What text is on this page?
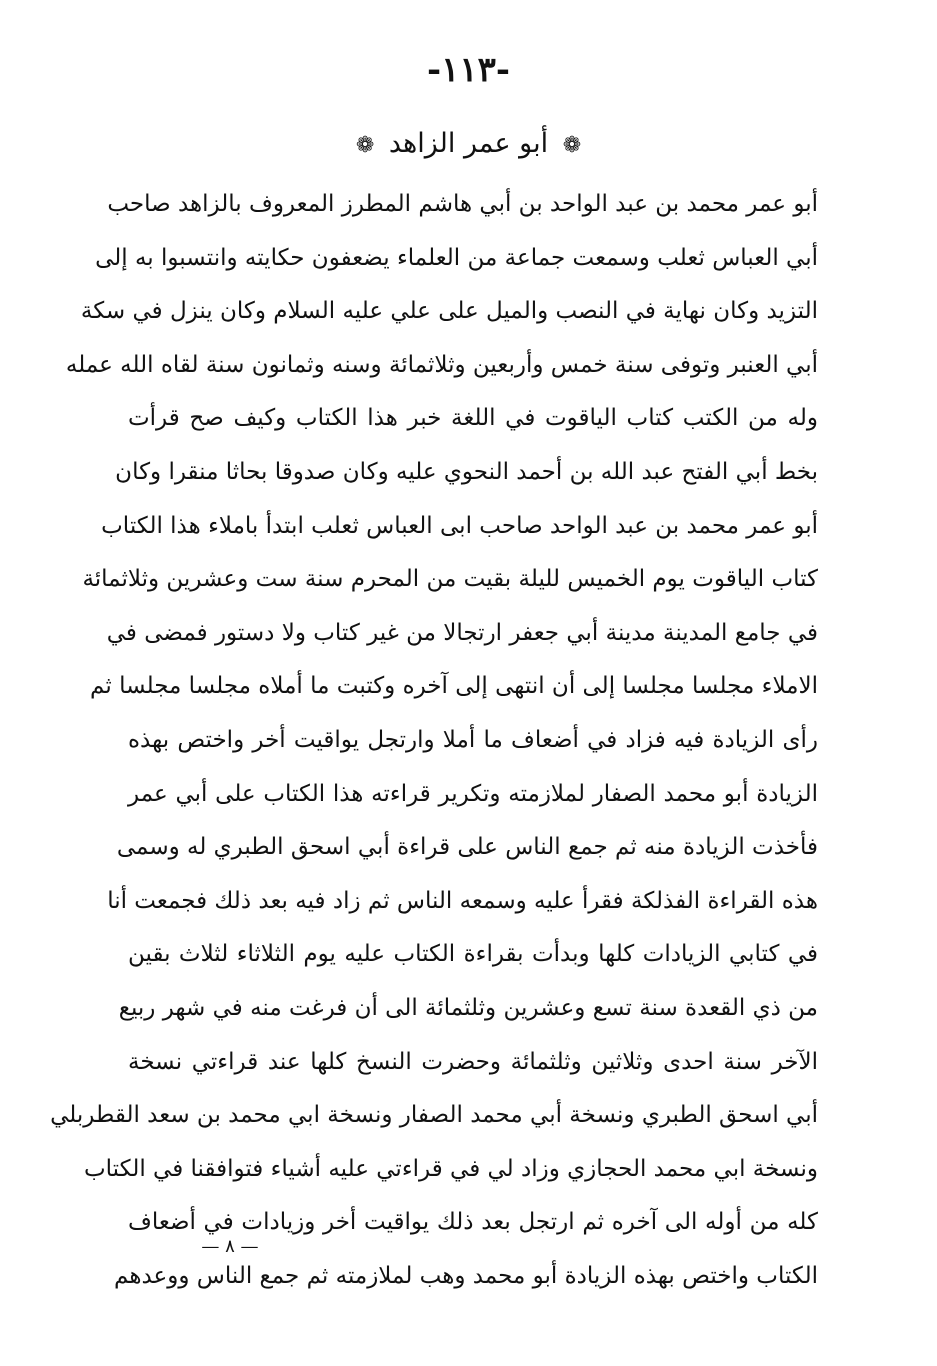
-١١٣-
❁ أبو عمر الزاهد ❁
أبو عمر محمد بن عبد الواحد بن أبي هاشم المطرز المعروف بالزاهد صاحب
أبي العباس ثعلب وسمعت جماعة من العلماء يضعفون حكايته وانتسبوا به إلى
التزيد وكان نهاية في النصب والميل على علي عليه السلام وكان ينزل في سكة
أبي العنبر وتوفى سنة خمس وأربعين وثلاثمائة وسنه وثمانون سنة لقاه الله عمله
وله من الكتب كتاب الياقوت في اللغة خبر هذا الكتاب وكيف صح قرأت
بخط أبي الفتح عبد الله بن أحمد النحوي عليه وكان صدوقا بحاثا منقرا وكان
أبو عمر محمد بن عبد الواحد صاحب ابى العباس ثعلب ابتدأ باملاء هذا الكتاب
كتاب الياقوت يوم الخميس لليلة بقيت من المحرم سنة ست وعشرين وثلاثمائة
في جامع المدينة مدينة أبي جعفر ارتجالا من غير كتاب ولا دستور فمضى في
الاملاء مجلسا مجلسا إلى أن انتهى إلى آخره وكتبت ما أملاه مجلسا مجلسا ثم
رأى الزيادة فيه فزاد في أضعاف ما أملا وارتجل يواقيت أخر واختص بهذه
الزيادة أبو محمد الصفار لملازمته وتكرير قراءته هذا الكتاب على أبي عمر
فأخذت الزيادة منه ثم جمع الناس على قراءة أبي اسحق الطبري له وسمى
هذه القراءة الفذلكة فقرأ عليه وسمعه الناس ثم زاد فيه بعد ذلك فجمعت أنا
في كتابي الزيادات كلها وبدأت بقراءة الكتاب عليه يوم الثلاثاء لثلاث بقين
من ذي القعدة سنة تسع وعشرين وثلثمائة الى أن فرغت منه في شهر ربيع
الآخر سنة احدى وثلاثين وثلثمائة وحضرت النسخ كلها عند قراءتي نسخة
أبي اسحق الطبري ونسخة أبي محمد الصفار ونسخة ابي محمد بن سعد القطربلي
ونسخة ابي محمد الحجازي وزاد لي في قراءتي عليه أشياء فتوافقنا في الكتاب
كله من أوله الى آخره ثم ارتجل بعد ذلك يواقيت أخر وزيادات في أضعاف
الكتاب واختص بهذه الزيادة أبو محمد وهب لملازمته ثم جمع الناس ووعدهم
— ٨ —
